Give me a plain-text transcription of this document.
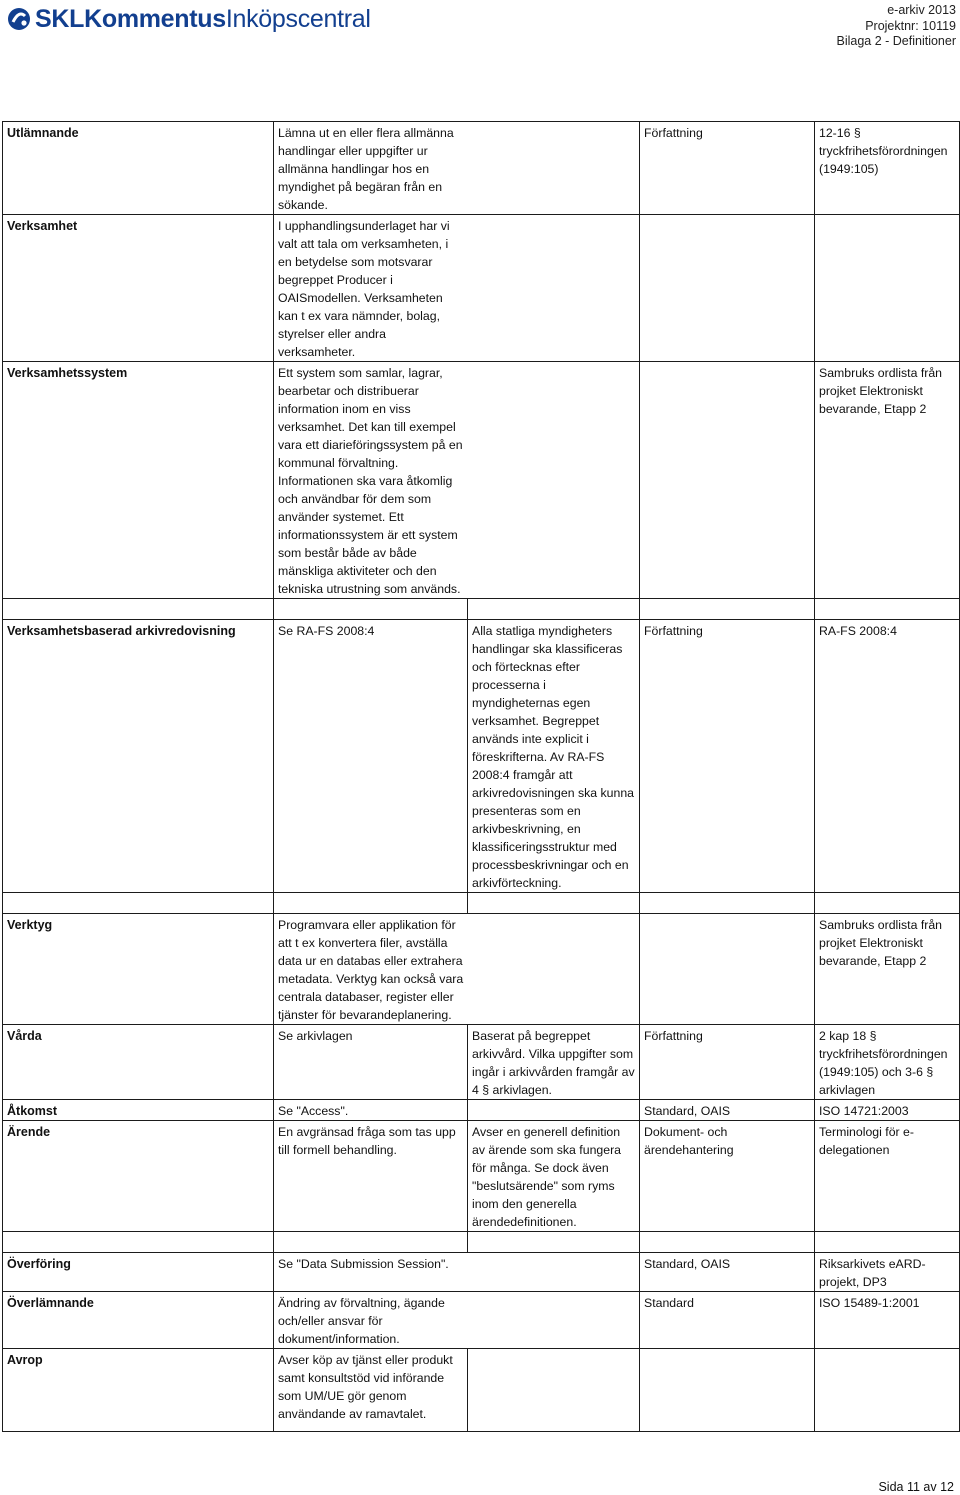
SKLKommentusInköpscentral	e-arkiv 2013
Projektnr: 10119
Bilaga 2 - Definitioner
Utlämnande	Lämna ut en eller flera allmänna handlingar eller uppgifter ur allmänna handlingar hos en myndighet på begäran från en sökande.		Författning	12-16 § tryckfrihetsförordningen (1949:105)
Verksamhet	I upphandlingsunderlaget har vi valt att tala om verksamheten, i en betydelse som motsvarar begreppet Producer i OAISmodellen. Verksamheten kan t ex vara nämnder, bolag, styrelser eller andra verksamheter.			

Verksamhetssystem	Ett system som samlar, lagrar, bearbetar och distribuerar information inom en viss verksamhet. Det kan till exempel vara ett diarieföringssystem på en kommunal förvaltning. Informationen ska vara åtkomlig och användbar för dem som använder systemet. Ett informationssystem är ett system som består både av både mänskliga aktiviteter och den tekniska utrustning som används.			Sambruks ordlista från projket Elektroniskt bevarande, Etapp 2

Verksamhetsbaserad arkivredovisning	Se RA-FS 2008:4	Alla statliga myndigheters handlingar ska klassificeras och förtecknas efter processerna i myndigheternas egen verksamhet. Begreppet används inte explicit i föreskrifterna. Av RA-FS 2008:4 framgår att arkivredovisningen ska kunna presenteras som en arkivbeskrivning, en klassificeringsstruktur med processbeskrivningar och en arkivförteckning.	Författning	RA-FS 2008:4

Verktyg	Programvara eller applikation för att t ex konvertera filer, avställa data ur en databas eller extrahera metadata. Verktyg kan också vara centrala databaser, register eller tjänster för bevarandeplanering.			Sambruks ordlista från projket Elektroniskt bevarande, Etapp 2
Vårda	Se arkivlagen	Baserat på begreppet arkivvård. Vilka uppgifter som ingår i arkivvården framgår av 4 § arkivlagen.	Författning	2 kap 18 § tryckfrihetsförordningen (1949:105) och 3-6 § arkivlagen
Åtkomst	Se "Access".		Standard, OAIS	ISO 14721:2003
Ärende	En avgränsad fråga som tas upp till formell behandling.	Avser en generell definition av ärende som ska fungera för många. Se dock även "beslutsärende" som ryms inom den generella ärendedefinitionen.	Dokument- och ärendehantering	Terminologi för e-delegationen

Överföring	Se "Data Submission Session".		Standard, OAIS	Riksarkivets eARD-projekt, DP3
Överlämnande	Ändring av förvaltning, ägande och/eller ansvar för dokument/information.		Standard	ISO 15489-1:2001
Avrop	Avser köp av tjänst eller produkt samt konsultstöd vid införande som UM/UE gör genom användande av ramavtalet.			
Sida 11 av 12
